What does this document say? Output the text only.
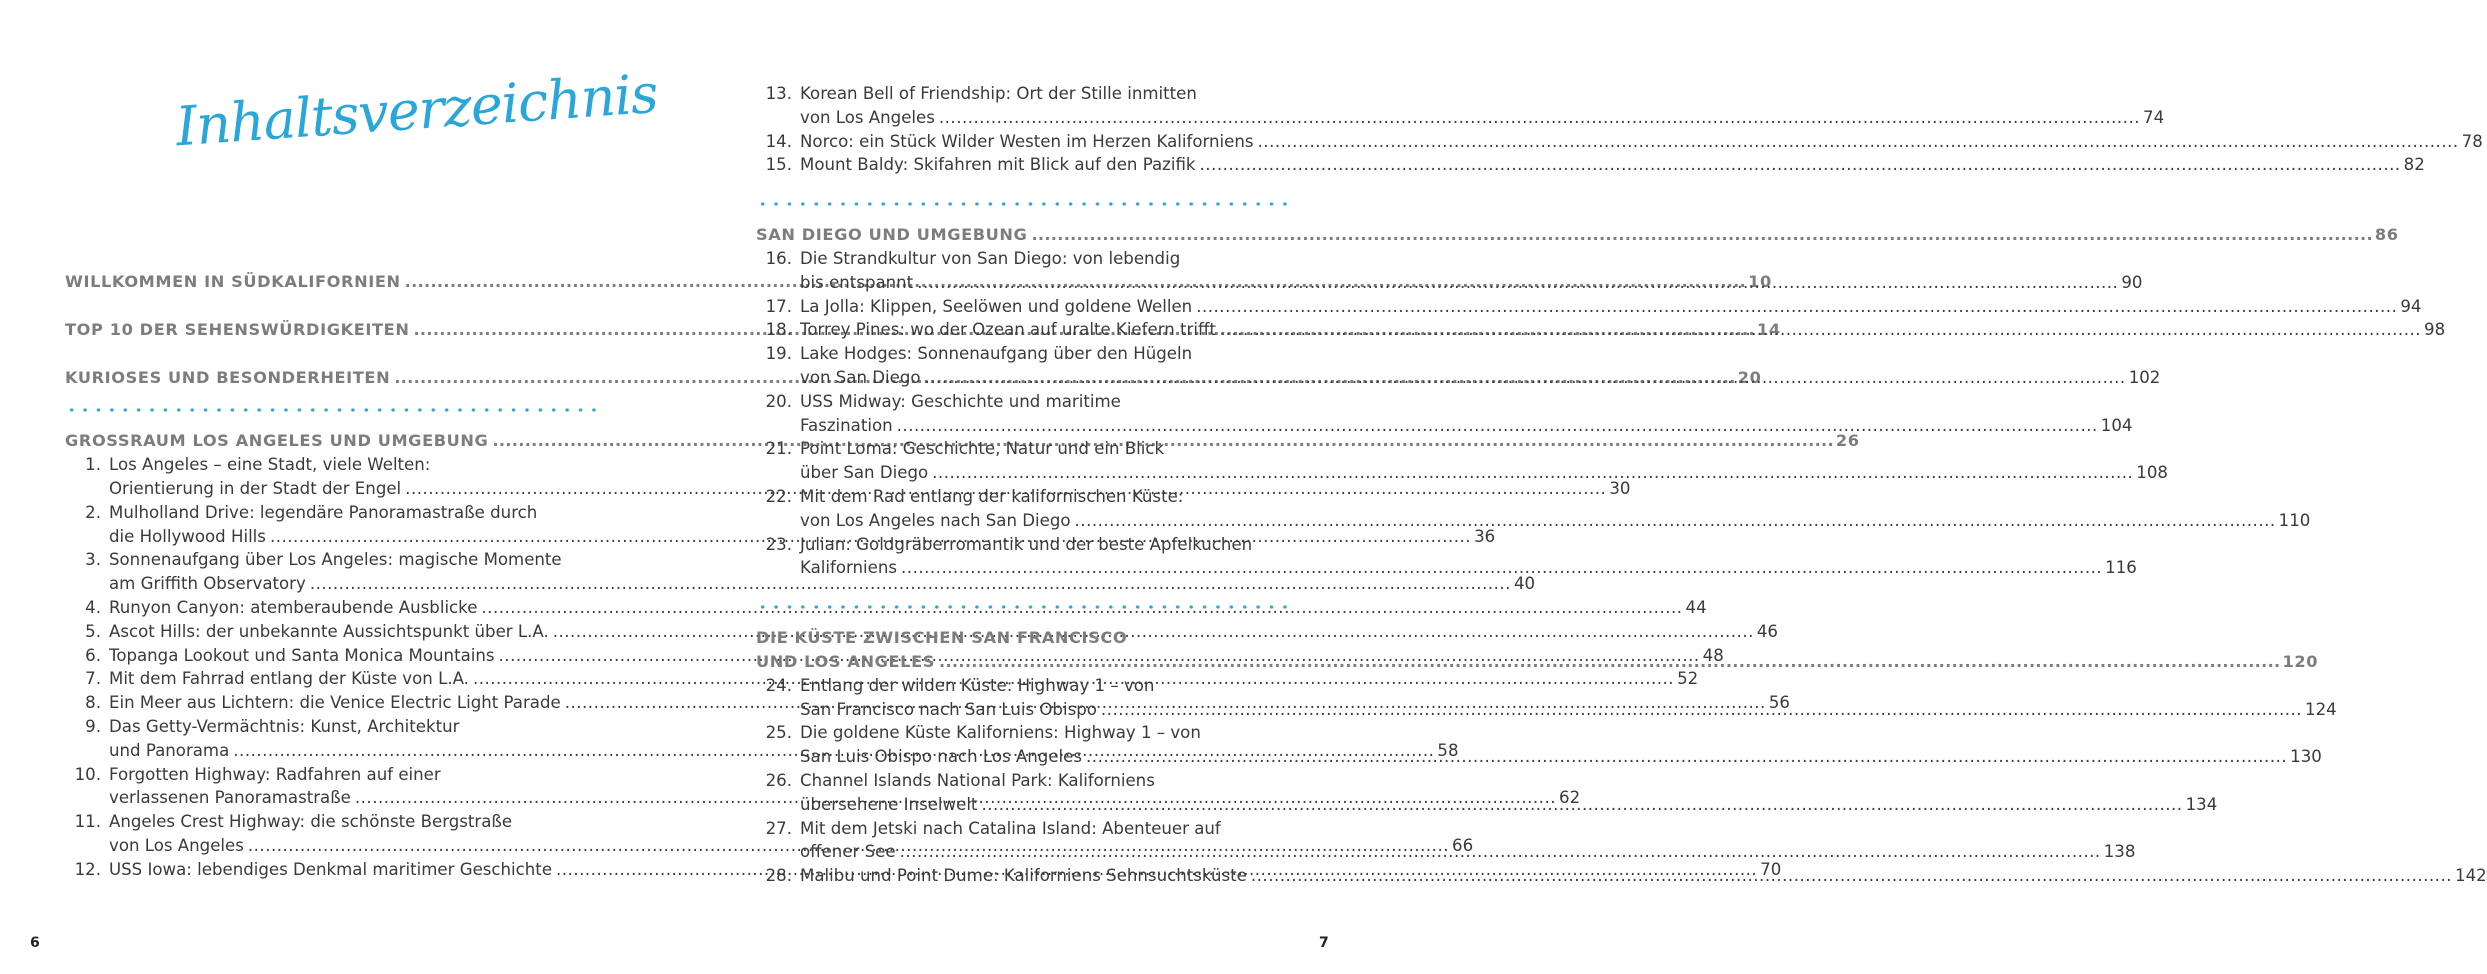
Inhaltsverzeichnis
WILLKOMMEN IN SÜDKALIFORNIEN .....	10
TOP 10 DER SEHENSWÜRDIGKEITEN .....	14
KURIOSES UND BESONDERHEITEN .....	20
GROSSRAUM LOS ANGELES UND UMGEBUNG .....	26
1. Los Angeles – eine Stadt, viele Welten:
Orientierung in der Stadt der Engel .....	30
2. Mulholland Drive: legendäre Panoramastraße durch
die Hollywood Hills .....	36
3. Sonnenaufgang über Los Angeles: magische Momente
am Griffith Observatory .....	40
4. Runyon Canyon: atemberaubende Ausblicke .....	44
5. Ascot Hills: der unbekannte Aussichtspunkt über L.A. .....	46
6. Topanga Lookout und Santa Monica Mountains .....	48
7. Mit dem Fahrrad entlang der Küste von L.A. .....	52
8. Ein Meer aus Lichtern: die Venice Electric Light Parade .....	56
9. Das Getty-Vermächtnis: Kunst, Architektur
und Panorama .....	58
10. Forgotten Highway: Radfahren auf einer
verlassenen Panoramastraße .....	62
11. Angeles Crest Highway: die schönste Bergstraße
von Los Angeles .....	66
12. USS Iowa: lebendiges Denkmal maritimer Geschichte .....	70
6
13. Korean Bell of Friendship: Ort der Stille inmitten
von Los Angeles .....	74
14. Norco: ein Stück Wilder Westen im Herzen Kaliforniens .....	78
15. Mount Baldy: Skifahren mit Blick auf den Pazifik .....	82
SAN DIEGO UND UMGEBUNG .....	86
16. Die Strandkultur von San Diego: von lebendig
bis entspannt .....	90
17. La Jolla: Klippen, Seelöwen und goldene Wellen .....	94
18. Torrey Pines: wo der Ozean auf uralte Kiefern trifft .....	98
19. Lake Hodges: Sonnenaufgang über den Hügeln
von San Diego .....	102
20. USS Midway: Geschichte und maritime
Faszination .....	104
21. Point Loma: Geschichte, Natur und ein Blick
über San Diego .....	108
22. Mit dem Rad entlang der kalifornischen Küste:
von Los Angeles nach San Diego .....	110
23. Julian: Goldgräberromantik und der beste Apfelkuchen
Kaliforniens .....	116
DIE KÜSTE ZWISCHEN SAN FRANCISCO
UND LOS ANGELES .....	120
24. Entlang der wilden Küste: Highway 1 – von
San Francisco nach San Luis Obispo .....	124
25. Die goldene Küste Kaliforniens: Highway 1 – von
San Luis Obispo nach Los Angeles .....	130
26. Channel Islands National Park: Kaliforniens
übersehene Inselwelt .....	134
27. Mit dem Jetski nach Catalina Island: Abenteuer auf
offener See .....	138
28. Malibu und Point Dume: Kaliforniens Sehnsuchtsküste .....	142
7
